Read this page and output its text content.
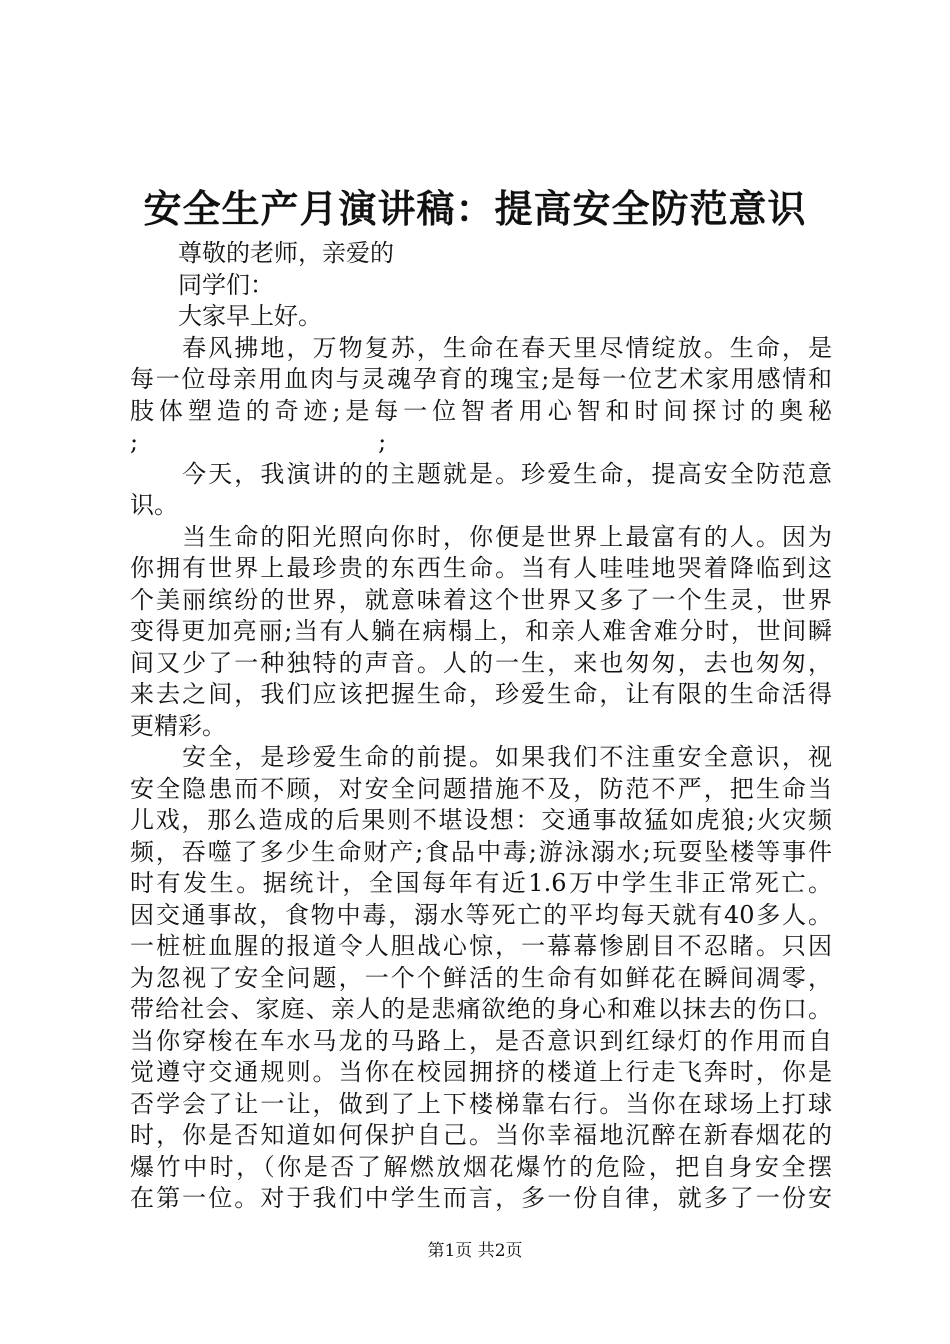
安全生产月演讲稿：提高安全防范意识
　　尊敬的老师，亲爱的
　　同学们：
　　大家早上好。
　　春风拂地，万物复苏，生命在春天里尽情绽放。生命，是
每一位母亲用血肉与灵魂孕育的瑰宝;是每一位艺术家用感情和
肢体塑造的奇迹;是每一位智者用心智和时间探讨的奥秘
;　　　　　　　　　　;
　　今天，我演讲的的主题就是。珍爱生命，提高安全防范意
识。
　　当生命的阳光照向你时，你便是世界上最富有的人。因为
你拥有世界上最珍贵的东西生命。当有人哇哇地哭着降临到这
个美丽缤纷的世界，就意味着这个世界又多了一个生灵，世界
变得更加亮丽;当有人躺在病榻上，和亲人难舍难分时，世间瞬
间又少了一种独特的声音。人的一生，来也匆匆，去也匆匆，
来去之间，我们应该把握生命，珍爱生命，让有限的生命活得
更精彩。
　　安全，是珍爱生命的前提。如果我们不注重安全意识，视
安全隐患而不顾，对安全问题措施不及，防范不严，把生命当
儿戏，那么造成的后果则不堪设想：交通事故猛如虎狼;火灾频
频，吞噬了多少生命财产;食品中毒;游泳溺水;玩耍坠楼等事件
时有发生。据统计，全国每年有近1.6万中学生非正常死亡。
因交通事故，食物中毒，溺水等死亡的平均每天就有40多人。
一桩桩血腥的报道令人胆战心惊，一幕幕惨剧目不忍睹。只因
为忽视了安全问题，一个个鲜活的生命有如鲜花在瞬间凋零，
带给社会、家庭、亲人的是悲痛欲绝的身心和难以抹去的伤口。
当你穿梭在车水马龙的马路上，是否意识到红绿灯的作用而自
觉遵守交通规则。当你在校园拥挤的楼道上行走飞奔时，你是
否学会了让一让，做到了上下楼梯靠右行。当你在球场上打球
时，你是否知道如何保护自己。当你幸福地沉醉在新春烟花的
爆竹中时，（你是否了解燃放烟花爆竹的危险，把自身安全摆
在第一位。对于我们中学生而言，多一份自律，就多了一份安
第1页 共2页
